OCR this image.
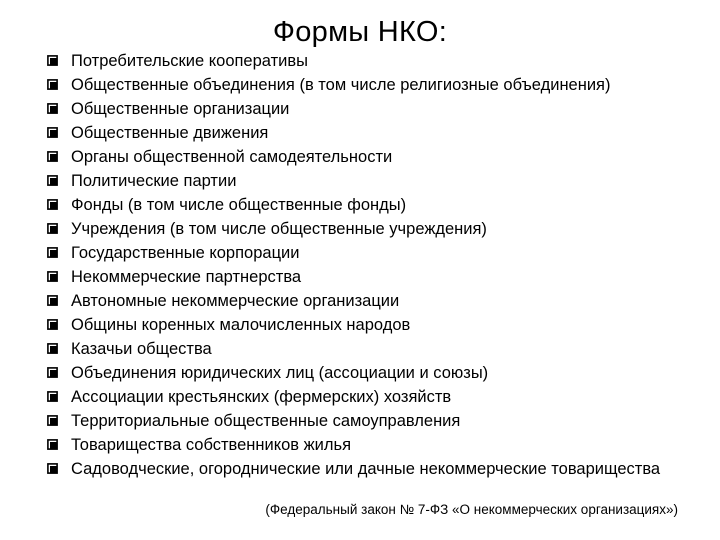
Формы НКО:
Потребительские кооперативы
Общественные объединения (в том числе религиозные объединения)
Общественные организации
Общественные движения
Органы общественной самодеятельности
Политические партии
Фонды (в том числе общественные фонды)
Учреждения (в том числе общественные учреждения)
Государственные корпорации
Некоммерческие партнерства
Автономные некоммерческие организации
Общины коренных малочисленных народов
Казачьи общества
Объединения юридических лиц (ассоциации и союзы)
Ассоциации крестьянских (фермерских) хозяйств
Территориальные общественные самоуправления
Товарищества собственников жилья
Садоводческие, огороднические или дачные некоммерческие товарищества
(Федеральный закон № 7-ФЗ «О некоммерческих организациях»)
